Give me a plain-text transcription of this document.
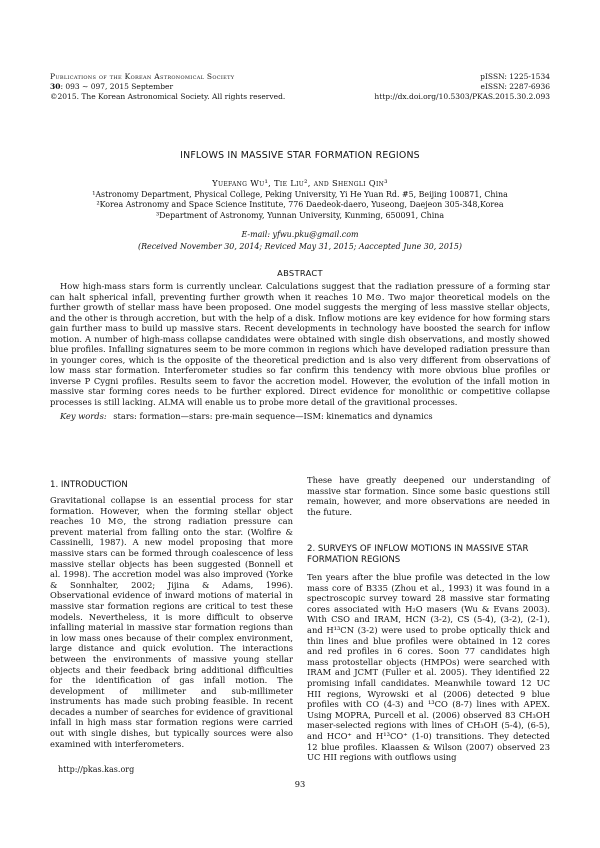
Publications of the Korean Astronomical Society
30: 093 ∼ 097, 2015 September
©2015. The Korean Astronomical Society. All rights reserved.
pISSN: 1225-1534
eISSN: 2287-6936
http://dx.doi.org/10.5303/PKAS.2015.30.2.093
INFLOWS IN MASSIVE STAR FORMATION REGIONS
Yuefang Wu¹, Tie Liu², and Shengli Qin³
¹Astronomy Department, Physical College, Peking University, Yi He Yuan Rd. #5, Beijing 100871, China
²Korea Astronomy and Space Science Institute, 776 Daedeok-daero, Yuseong, Daejeon 305-348,Korea
³Department of Astronomy, Yunnan University, Kunming, 650091, China
E-mail: yfwu.pku@gmail.com
(Received November 30, 2014; Reviced May 31, 2015; Aaccepted June 30, 2015)
ABSTRACT
How high-mass stars form is currently unclear. Calculations suggest that the radiation pressure of a forming star can halt spherical infall, preventing further growth when it reaches 10 M⊙. Two major theoretical models on the further growth of stellar mass have been proposed. One model suggests the merging of less massive stellar objects, and the other is through accretion, but with the help of a disk. Inflow motions are key evidence for how forming stars gain further mass to build up massive stars. Recent developments in technology have boosted the search for inflow motion. A number of high-mass collapse candidates were obtained with single dish observations, and mostly showed blue profiles. Infalling signatures seem to be more common in regions which have developed radiation pressure than in younger cores, which is the opposite of the theoretical prediction and is also very different from observations of low mass star formation. Interferometer studies so far confirm this tendency with more obvious blue profiles or inverse P Cygni profiles. Results seem to favor the accretion model. However, the evolution of the infall motion in massive star forming cores needs to be further explored. Direct evidence for monolithic or competitive collapse processes is still lacking. ALMA will enable us to probe more detail of the gravitional processes.
Key words: stars: formation—stars: pre-main sequence—ISM: kinematics and dynamics
1. INTRODUCTION
Gravitational collapse is an essential process for star formation. However, when the forming stellar object reaches 10 M⊙, the strong radiation pressure can prevent material from falling onto the star. (Wolfire & Cassinelli, 1987). A new model proposing that more massive stars can be formed through coalescence of less massive stellar objects has been suggested (Bonnell et al. 1998). The accretion model was also improved (Yorke & Sonnhalter, 2002; Jijina & Adams, 1996). Observational evidence of inward motions of material in massive star formation regions are critical to test these models. Nevertheless, it is more difficult to observe infalling material in massive star formation regions than in low mass ones because of their complex environment, large distance and quick evolution. The interactions between the environments of massive young stellar objects and their feedback bring additional difficulties for the identification of gas infall motion. The development of millimeter and sub-millimeter instruments has made such probing feasible. In recent decades a number of searches for evidence of gravitional infall in high mass star formation regions were carried out with single dishes, but typically sources were also examined with interferometers.
http://pkas.kas.org
These have greatly deepened our understanding of massive star formation. Since some basic questions still remain, however, and more observations are needed in the future.
2. SURVEYS OF INFLOW MOTIONS IN MASSIVE STAR FORMATION REGIONS
Ten years after the blue profile was detected in the low mass core of B335 (Zhou et al., 1993) it was found in a spectroscopic survey toward 28 massive star formating cores associated with H₂O masers (Wu & Evans 2003). With CSO and IRAM, HCN (3-2), CS (5-4), (3-2), (2-1), and H¹³CN (3-2) were used to probe optically thick and thin lines and blue profiles were obtained in 12 cores and red profiles in 6 cores. Soon 77 candidates high mass protostellar objects (HMPOs) were searched with IRAM and JCMT (Fuller et al. 2005). They identified 22 promising infall candidates. Meanwhile toward 12 UC HII regions, Wyrowski et al (2006) detected 9 blue profiles with CO (4-3) and ¹³CO (8-7) lines with APEX. Using MOPRA, Purcell et al. (2006) observed 83 CH₃OH maser-selected regions with lines of CH₃OH (5-4), (6-5), and HCO⁺ and H¹³CO⁺ (1-0) transitions. They detected 12 blue profiles. Klaassen & Wilson (2007) observed 23 UC HII regions with outflows using
93
